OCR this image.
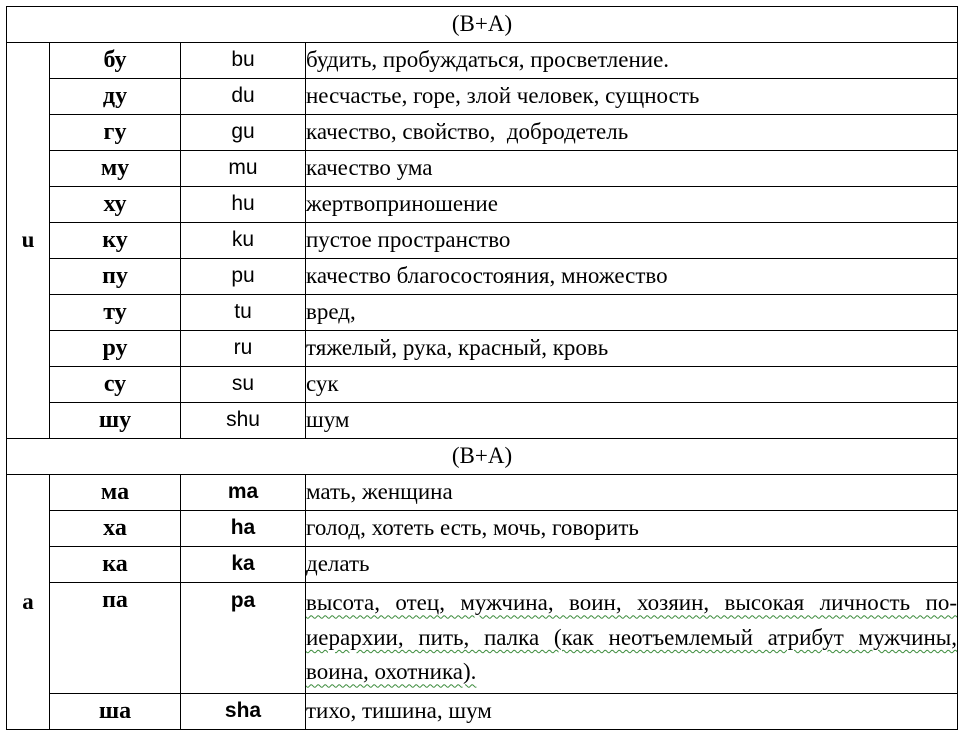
(В+А)			
u	бу	bu	будить, пробуждаться, просветление.
	ду	du	несчастье, горе, злой человек, сущность
	гу	gu	качество, свойство,  добродетель
	му	mu	качество ума
	ху	hu	жертвоприношение
	ку	ku	пустое пространство
	пу	pu	качество благосостояния, множество
	ту	tu	вред,
	ру	ru	тяжелый, рука, красный, кровь
	су	su	сук
	шу	shu	шум
(В+А)			
а	ма	ma	мать, женщина
	ха	ha	голод, хотеть есть, мочь, говорить
	ка	ka	делать
	па	pa	высота, отец, мужчина, воин, хозяин, высокая личность по-иерархии, пить, палка (как неотъемлемый атрибут мужчины, воина, охотника).
	ша	sha	тихо, тишина, шум
